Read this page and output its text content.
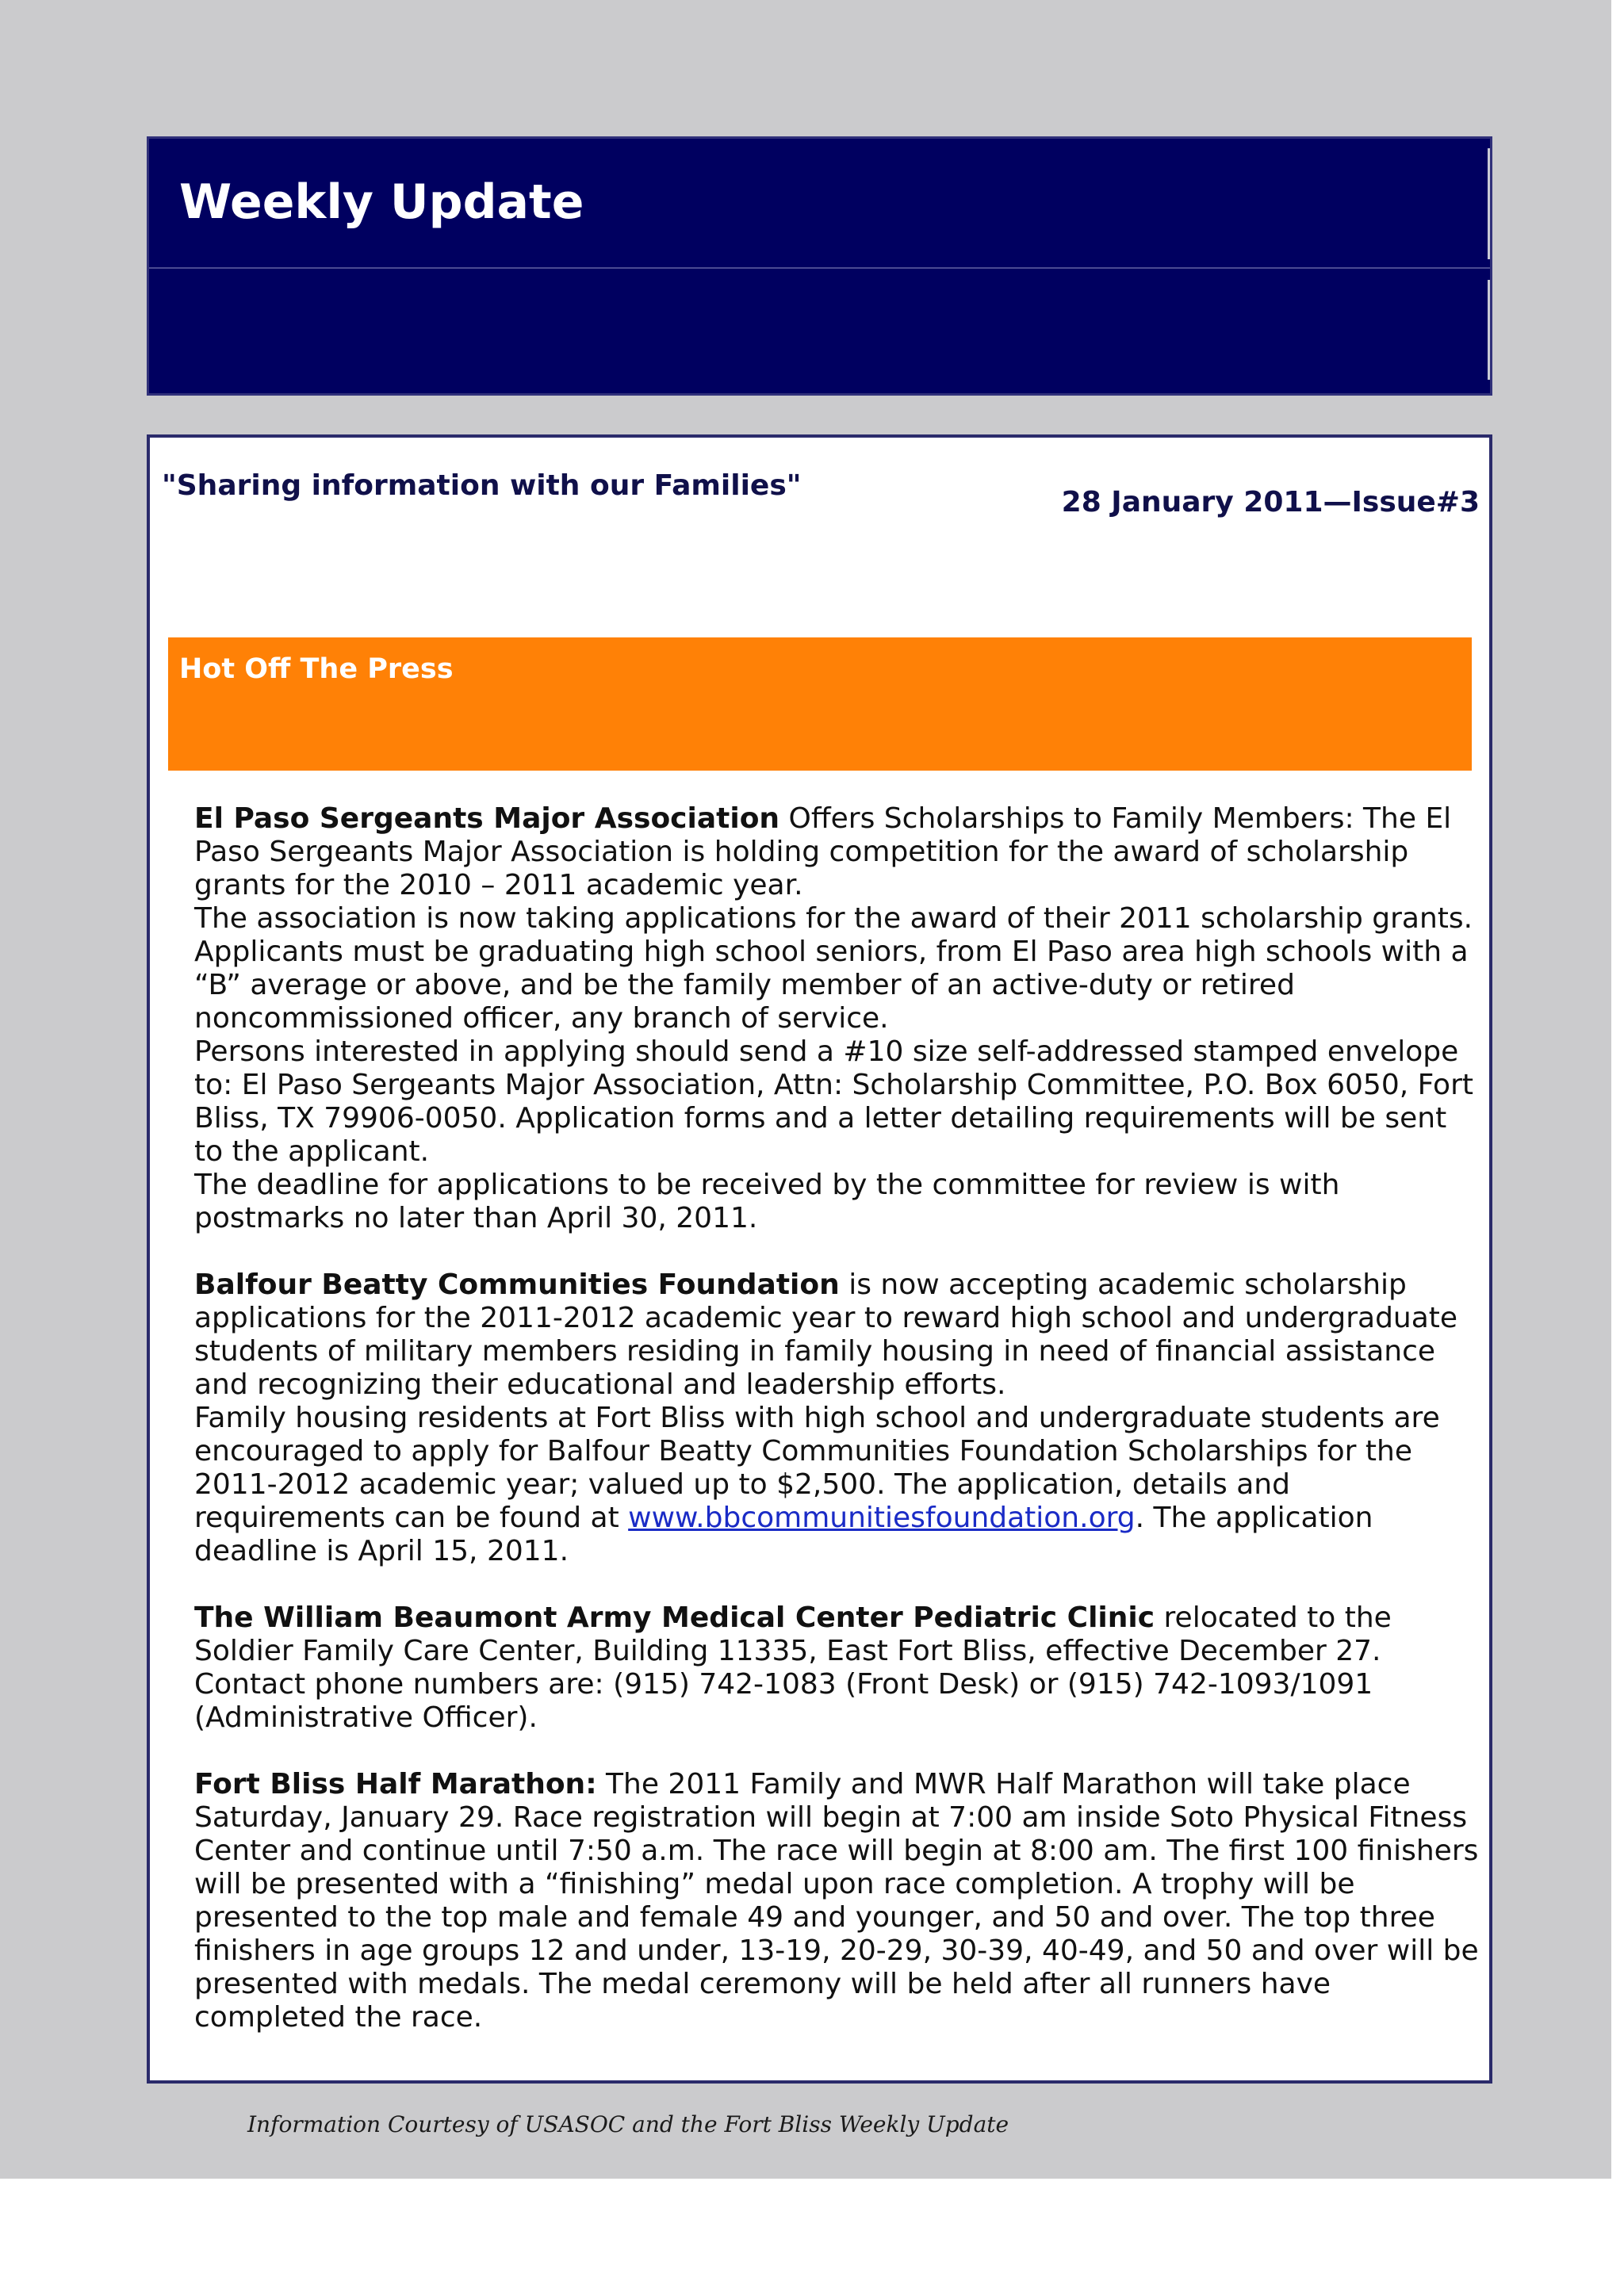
Weekly Update

"Sharing information with our Families"

28 January 2011—Issue#3

Hot Off The Press

El Paso Sergeants Major Association Offers Scholarships to Family Members: The El Paso Sergeants Major Association is holding competition for the award of scholarship grants for the 2010 – 2011 academic year.

The association is now taking applications for the award of their 2011 scholarship grants. Applicants must be graduating high school seniors, from El Paso area high schools with a “B” average or above, and be the family member of an active-duty or retired noncommissioned officer, any branch of service.

Persons interested in applying should send a #10 size self-addressed stamped envelope to: El Paso Sergeants Major Association, Attn: Scholarship Committee, P.O. Box 6050, Fort Bliss, TX 79906-0050. Application forms and a letter detailing requirements will be sent to the applicant.

The deadline for applications to be received by the committee for review is with postmarks no later than April 30, 2011.

Balfour Beatty Communities Foundation is now accepting academic scholarship applications for the 2011-2012 academic year to reward high school and undergraduate students of military members residing in family housing in need of financial assistance and recognizing their educational and leadership efforts.

Family housing residents at Fort Bliss with high school and undergraduate students are encouraged to apply for Balfour Beatty Communities Foundation Scholarships for the 2011-2012 academic year; valued up to $2,500. The application, details and requirements can be found at www.bbcommunitiesfoundation.org. The application deadline is April 15, 2011.

The William Beaumont Army Medical Center Pediatric Clinic relocated to the Soldier Family Care Center, Building 11335, East Fort Bliss, effective December 27. Contact phone numbers are: (915) 742-1083 (Front Desk) or (915) 742-1093/1091 (Administrative Officer).

Fort Bliss Half Marathon: The 2011 Family and MWR Half Marathon will take place Saturday, January 29. Race registration will begin at 7:00 am inside Soto Physical Fitness Center and continue until 7:50 a.m. The race will begin at 8:00 am. The first 100 finishers will be presented with a “finishing” medal upon race completion. A trophy will be presented to the top male and female 49 and younger, and 50 and over. The top three finishers in age groups 12 and under, 13-19, 20-29, 30-39, 40-49, and 50 and over will be presented with medals. The medal ceremony will be held after all runners have completed the race.

Information Courtesy of USASOC and the Fort Bliss Weekly Update
